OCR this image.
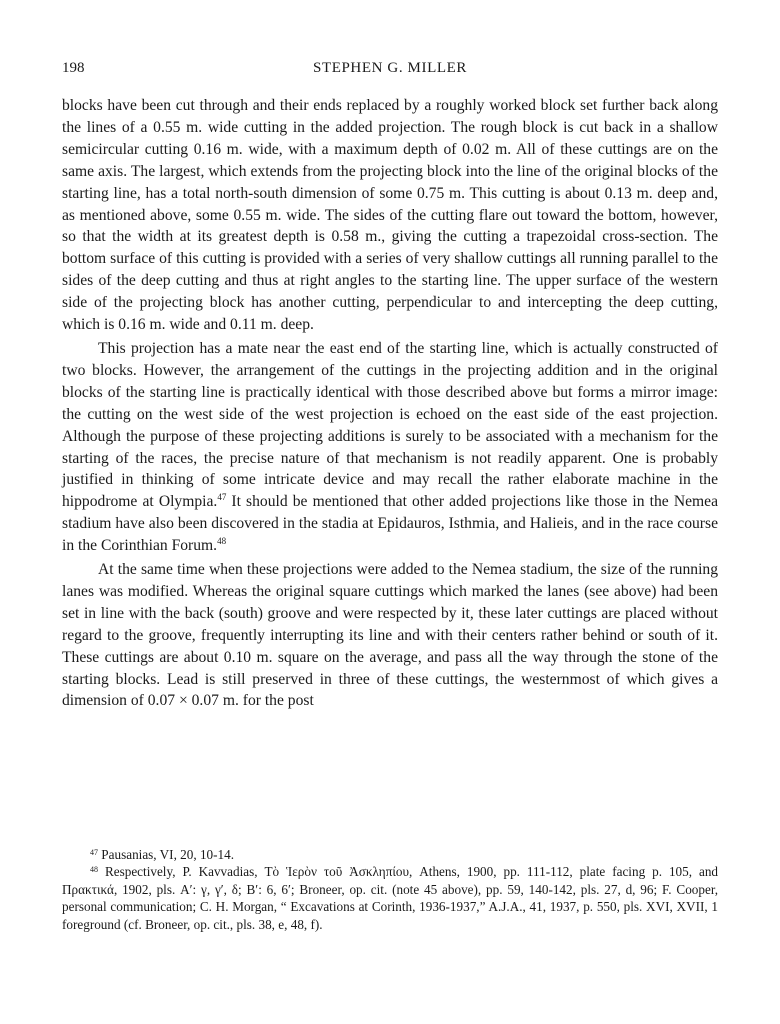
198	STEPHEN G. MILLER

blocks have been cut through and their ends replaced by a roughly worked block set further back along the lines of a 0.55 m. wide cutting in the added projection. The rough block is cut back in a shallow semicircular cutting 0.16 m. wide, with a maximum depth of 0.02 m. All of these cuttings are on the same axis. The largest, which extends from the projecting block into the line of the original blocks of the starting line, has a total north-south dimension of some 0.75 m. This cutting is about 0.13 m. deep and, as mentioned above, some 0.55 m. wide. The sides of the cutting flare out toward the bottom, however, so that the width at its greatest depth is 0.58 m., giving the cutting a trapezoidal cross-section. The bottom surface of this cutting is provided with a series of very shallow cuttings all running parallel to the sides of the deep cutting and thus at right angles to the starting line. The upper surface of the western side of the projecting block has another cutting, perpendicular to and intercepting the deep cutting, which is 0.16 m. wide and 0.11 m. deep.

This projection has a mate near the east end of the starting line, which is actually constructed of two blocks. However, the arrangement of the cuttings in the projecting addition and in the original blocks of the starting line is practically identical with those described above but forms a mirror image: the cutting on the west side of the west projection is echoed on the east side of the east projection. Although the purpose of these projecting additions is surely to be associated with a mechanism for the starting of the races, the precise nature of that mechanism is not readily apparent. One is probably justified in thinking of some intricate device and may recall the rather elaborate machine in the hippodrome at Olympia.$^{47}$ It should be mentioned that other added projections like those in the Nemea stadium have also been discovered in the stadia at Epidauros, Isthmia, and Halieis, and in the race course in the Corinthian Forum.$^{48}$

At the same time when these projections were added to the Nemea stadium, the size of the running lanes was modified. Whereas the original square cuttings which marked the lanes (see above) had been set in line with the back (south) groove and were respected by it, these later cuttings are placed without regard to the groove, frequently interrupting its line and with their centers rather behind or south of it. These cuttings are about 0.10 m. square on the average, and pass all the way through the stone of the starting blocks. Lead is still preserved in three of these cuttings, the westernmost of which gives a dimension of 0.07 × 0.07 m. for the post

$^{47}$ Pausanias, VI, 20, 10-14.

$^{48}$ Respectively, P. Kavvadias, Τὸ Ἱερὸν τοῦ Ἀσκληπίου, Athens, 1900, pp. 111-112, plate facing p. 105, and Πρακτικά, 1902, pls. Α′: γ, γ′, δ; Β′: 6, 6′; Broneer, op. cit. (note 45 above), pp. 59, 140-142, pls. 27, d, 96; F. Cooper, personal communication; C. H. Morgan, “ Excavations at Corinth, 1936-1937,” A.J.A., 41, 1937, p. 550, pls. XVI, XVII, 1 foreground (cf. Broneer, op. cit., pls. 38, e, 48, f).
